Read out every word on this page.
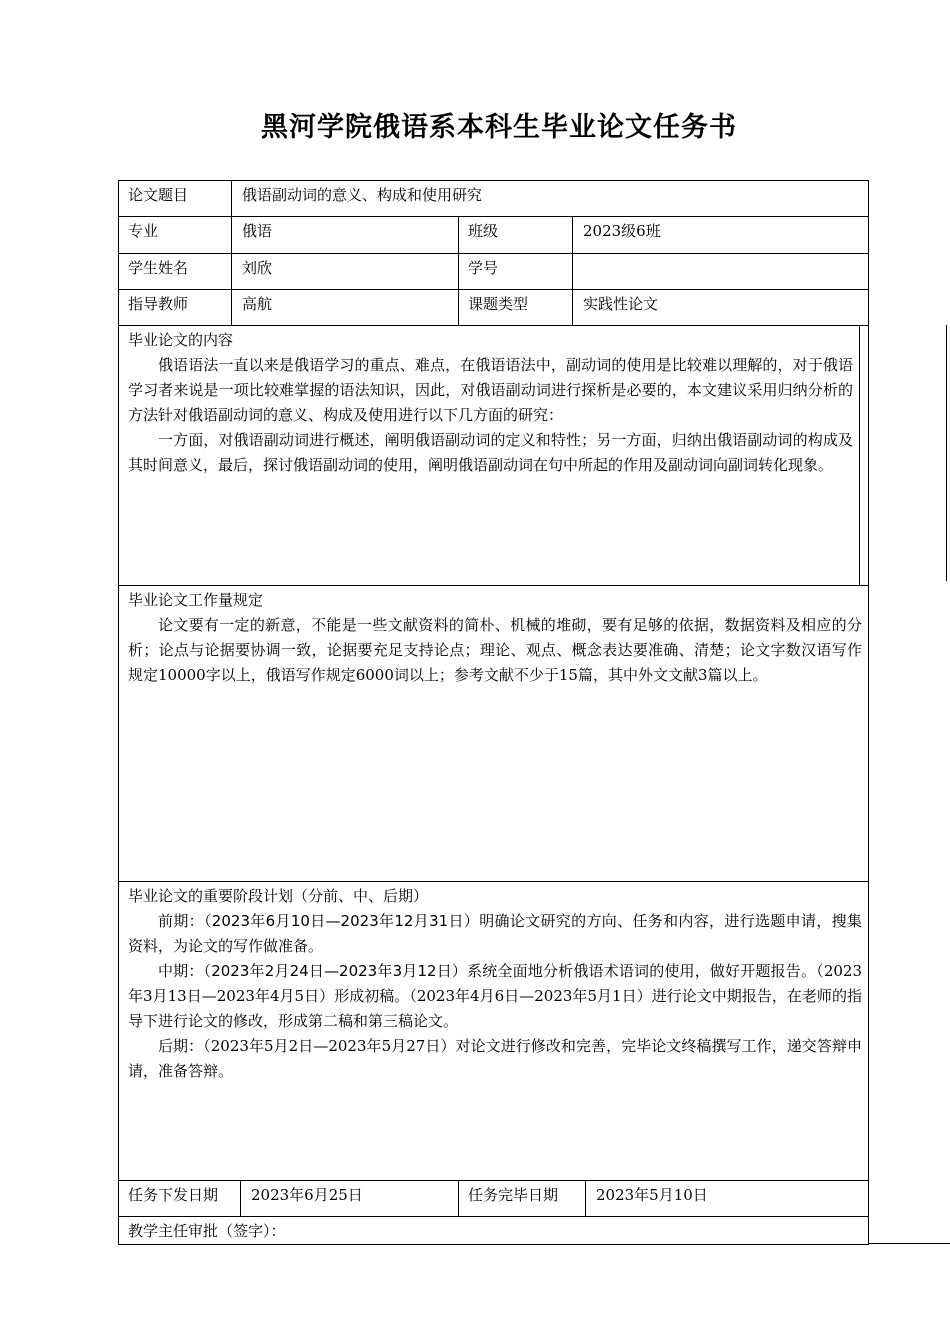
黑河学院俄语系本科生毕业论文任务书
论文题目	俄语副动词的意义、构成和使用研究
专业	俄语	班级	2023级6班
学生姓名	刘欣	学号
指导教师	高航	课题类型	实践性论文
毕业论文的内容

俄语语法一直以来是俄语学习的重点、难点，在俄语语法中，副动词的使用是比较难以理解的，对于俄语学习者来说是一项比较难掌握的语法知识，因此，对俄语副动词进行探析是必要的，本文建议采用归纳分析的方法针对俄语副动词的意义、构成及使用进行以下几方面的研究：

一方面，对俄语副动词进行概述，阐明俄语副动词的定义和特性；另一方面，归纳出俄语副动词的构成及其时间意义，最后，探讨俄语副动词的使用，阐明俄语副动词在句中所起的作用及副动词向副词转化现象。

毕业论文工作量规定

论文要有一定的新意，不能是一些文献资料的简朴、机械的堆砌，要有足够的依据，数据资料及相应的分析；论点与论据要协调一致，论据要充足支持论点；理论、观点、概念表达要准确、清楚；论文字数汉语写作规定10000字以上，俄语写作规定6000词以上；参考文献不少于15篇，其中外文文献3篇以上。

毕业论文的重要阶段计划（分前、中、后期）

前期：（2023年6月10日—2023年12月31日）明确论文研究的方向、任务和内容，进行选题申请，搜集资料，为论文的写作做准备。

中期：（2023年2月24日—2023年3月12日）系统全面地分析俄语术语词的使用，做好开题报告。（2023年3月13日—2023年4月5日）形成初稿。（2023年4月6日—2023年5月1日）进行论文中期报告，在老师的指导下进行论文的修改，形成第二稿和第三稿论文。

后期：（2023年5月2日—2023年5月27日）对论文进行修改和完善，完毕论文终稿撰写工作，递交答辩申请，准备答辩。

任务下发日期	2023年6月25日	任务完毕日期	2023年5月10日
教学主任审批（签字）：
